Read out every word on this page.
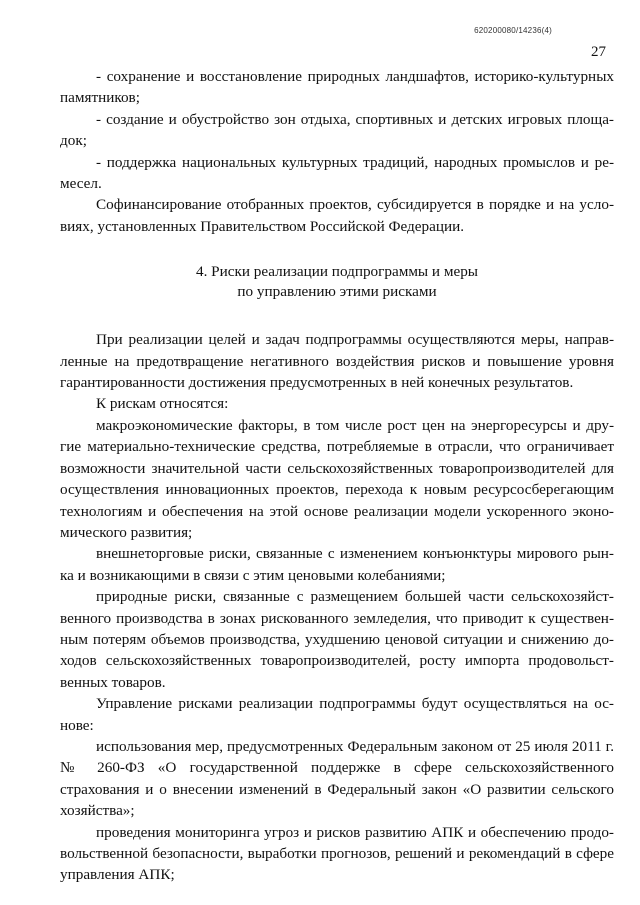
620200080/14236(4)
27

- сохранение и восстановление природных ландшафтов, историко-культурных памятников;

- создание и обустройство зон отдыха, спортивных и детских игровых площа-док;

- поддержка национальных культурных традиций, народных промыслов и ре-месел.

Софинансирование отобранных проектов, субсидируется в порядке и на усло-виях, установленных Правительством Российской Федерации.

4. Риски реализации подпрограммы и меры
по управлению этими рисками

При реализации целей и задач подпрограммы осуществляются меры, направ-ленные на предотвращение негативного воздействия рисков и повышение уровня гарантированности достижения предусмотренных в ней конечных результатов.

К рискам относятся:

макроэкономические факторы, в том числе рост цен на энергоресурсы и дру-гие материально-технические средства, потребляемые в отрасли, что ограничивает возможности значительной части сельскохозяйственных товаропроизводителей для осуществления инновационных проектов, перехода к новым ресурсосберегающим технологиям и обеспечения на этой основе реализации модели ускоренного эконо-мического развития;

внешнеторговые риски, связанные с изменением конъюнктуры мирового рын-ка и возникающими в связи с этим ценовыми колебаниями;

природные риски, связанные с размещением большей части сельскохозяйст-венного производства в зонах рискованного земледелия, что приводит к существен-ным потерям объемов производства, ухудшению ценовой ситуации и снижению до-ходов сельскохозяйственных товаропроизводителей, росту импорта продовольст-венных товаров.

Управление рисками реализации подпрограммы будут осуществляться на ос-нове:

использования мер, предусмотренных Федеральным законом от 25 июля 2011 г. № 260-ФЗ «О государственной поддержке в сфере сельскохозяйственного страхования и о внесении изменений в Федеральный закон «О развитии сельского хозяйства»;

проведения мониторинга угроз и рисков развитию АПК и обеспечению продо-вольственной безопасности, выработки прогнозов, решений и рекомендаций в сфере управления АПК;
